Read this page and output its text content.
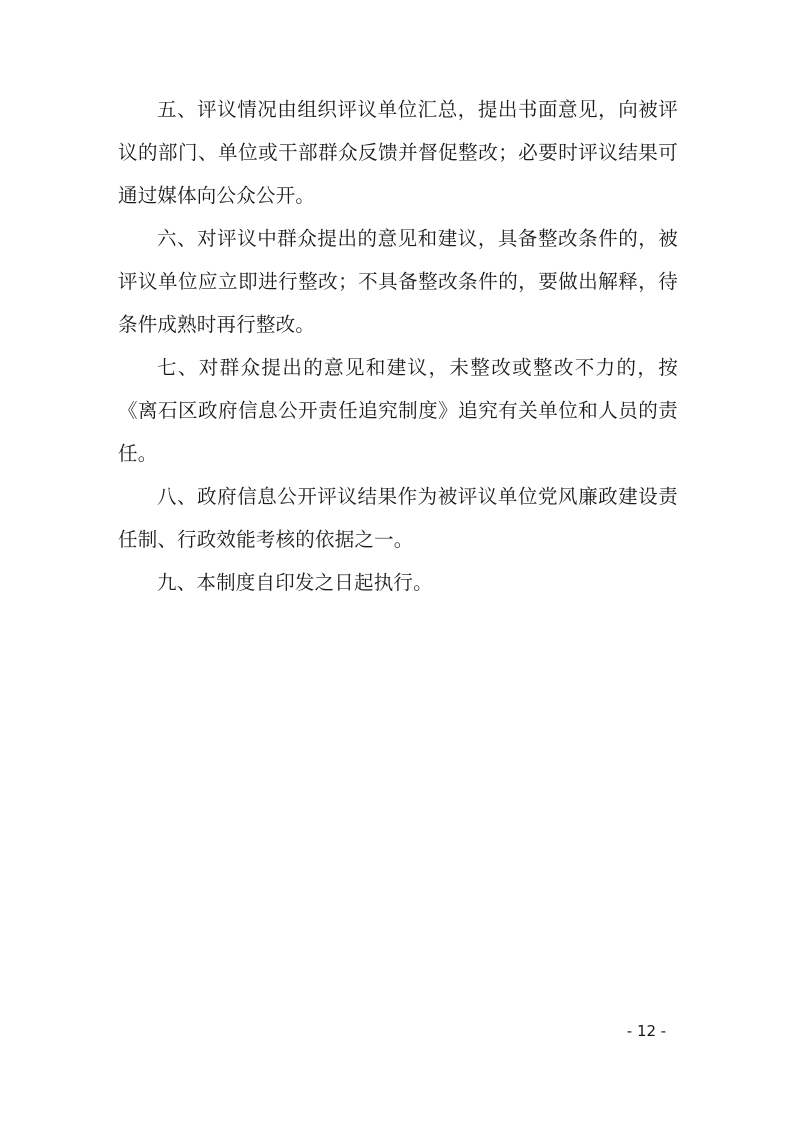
五、评议情况由组织评议单位汇总，提出书面意见，向被评议的部门、单位或干部群众反馈并督促整改；必要时评议结果可通过媒体向公众公开。

六、对评议中群众提出的意见和建议，具备整改条件的，被评议单位应立即进行整改；不具备整改条件的，要做出解释，待条件成熟时再行整改。

七、对群众提出的意见和建议，未整改或整改不力的，按《离石区政府信息公开责任追究制度》追究有关单位和人员的责任。

八、政府信息公开评议结果作为被评议单位党风廉政建设责任制、行政效能考核的依据之一。

九、本制度自印发之日起执行。

- 12 -
